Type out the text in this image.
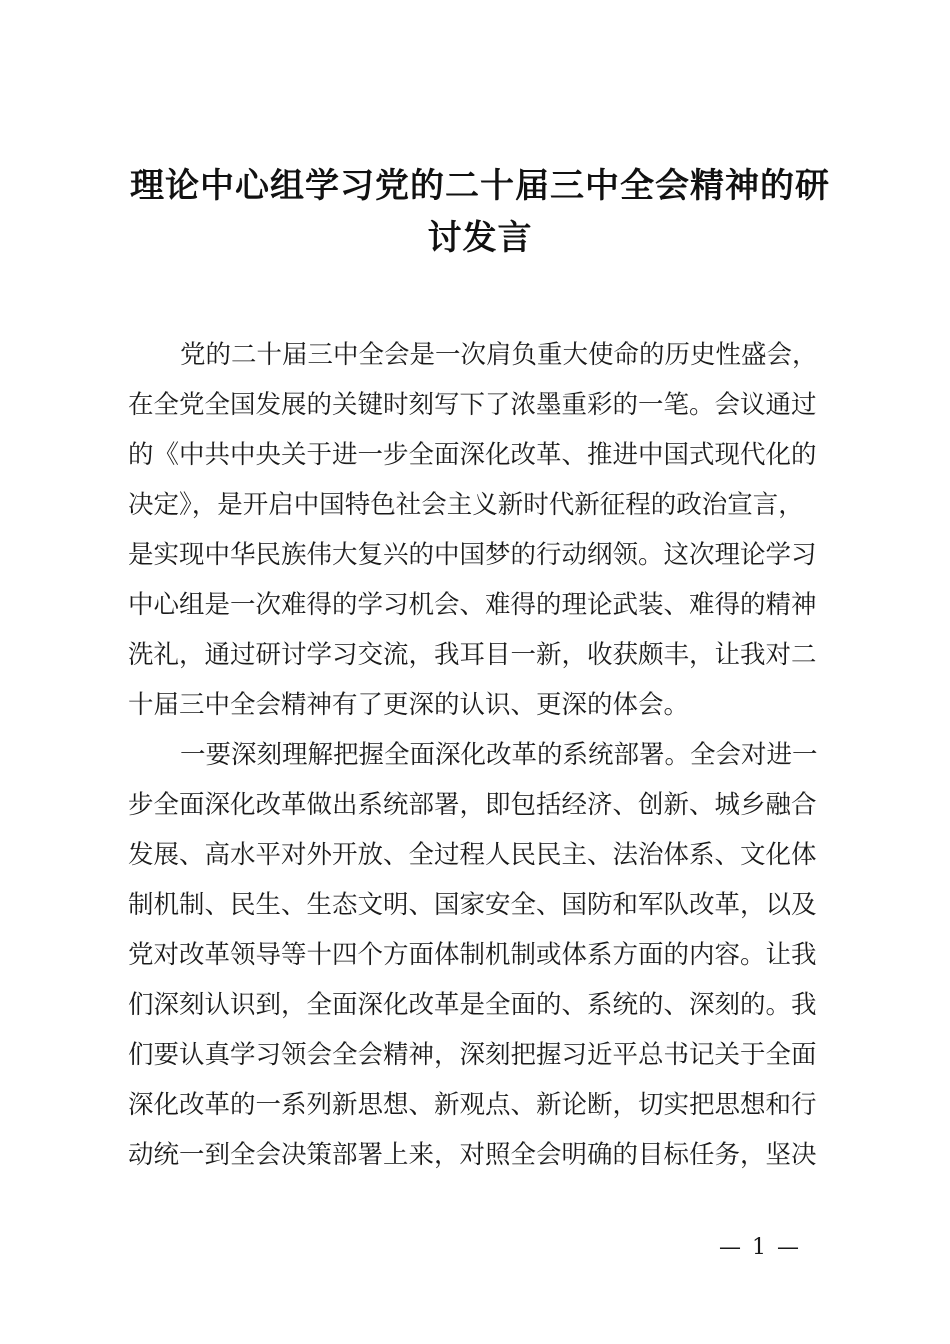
理论中心组学习党的二十届三中全会精神的研
讨发言
党的二十届三中全会是一次肩负重大使命的历史性盛会，
在全党全国发展的关键时刻写下了浓墨重彩的一笔。会议通过
的《中共中央关于进一步全面深化改革、推进中国式现代化的
决定》，是开启中国特色社会主义新时代新征程的政治宣言，
是实现中华民族伟大复兴的中国梦的行动纲领。这次理论学习
中心组是一次难得的学习机会、难得的理论武装、难得的精神
洗礼，通过研讨学习交流，我耳目一新，收获颇丰，让我对二
十届三中全会精神有了更深的认识、更深的体会。
一要深刻理解把握全面深化改革的系统部署。全会对进一
步全面深化改革做出系统部署，即包括经济、创新、城乡融合
发展、高水平对外开放、全过程人民民主、法治体系、文化体
制机制、民生、生态文明、国家安全、国防和军队改革，以及
党对改革领导等十四个方面体制机制或体系方面的内容。让我
们深刻认识到，全面深化改革是全面的、系统的、深刻的。我
们要认真学习领会全会精神，深刻把握习近平总书记关于全面
深化改革的一系列新思想、新观点、新论断，切实把思想和行
动统一到全会决策部署上来，对照全会明确的目标任务，坚决
— 1 —
